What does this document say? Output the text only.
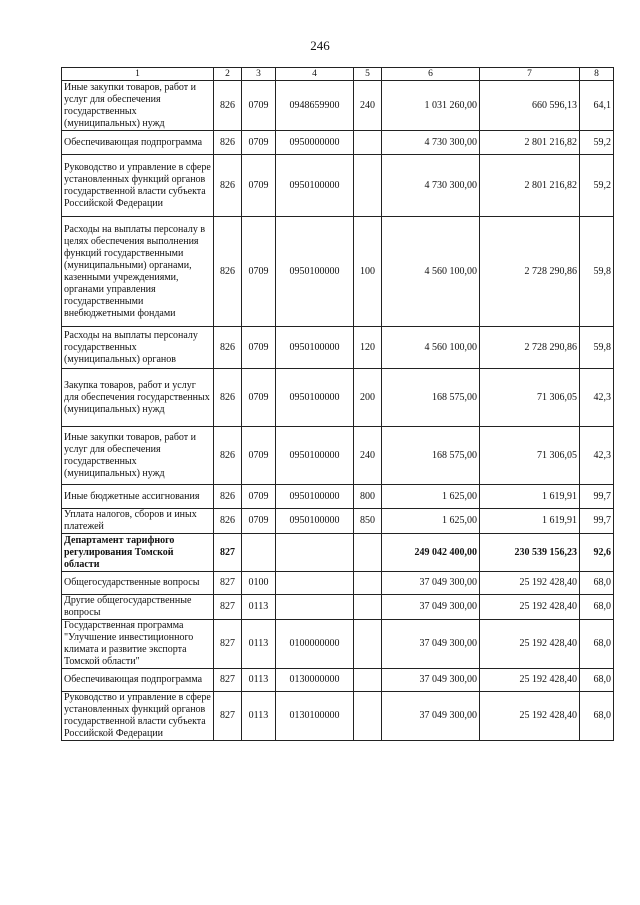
246
1	2	3	4	5	6	7	8
Иные закупки товаров, работ и услуг для обеспечения государственных (муниципальных) нужд	826	0709	0948659900	240	1 031 260,00	660 596,13	64,1
Обеспечивающая подпрограмма	826	0709	0950000000		4 730 300,00	2 801 216,82	59,2
Руководство и управление в сфере установленных функций органов государственной власти субъекта Российской Федерации	826	0709	0950100000		4 730 300,00	2 801 216,82	59,2
Расходы на выплаты персоналу в целях обеспечения выполнения функций государственными (муниципальными) органами, казенными учреждениями, органами управления государственными внебюджетными фондами	826	0709	0950100000	100	4 560 100,00	2 728 290,86	59,8
Расходы на выплаты персоналу государственных (муниципальных) органов	826	0709	0950100000	120	4 560 100,00	2 728 290,86	59,8
Закупка товаров, работ и услуг для обеспечения государственных (муниципальных) нужд	826	0709	0950100000	200	168 575,00	71 306,05	42,3
Иные закупки товаров, работ и услуг для обеспечения государственных (муниципальных) нужд	826	0709	0950100000	240	168 575,00	71 306,05	42,3
Иные бюджетные ассигнования	826	0709	0950100000	800	1 625,00	1 619,91	99,7
Уплата налогов, сборов и иных платежей	826	0709	0950100000	850	1 625,00	1 619,91	99,7
Департамент тарифного регулирования Томской области	827				249 042 400,00	230 539 156,23	92,6
Общегосударственные вопросы	827	0100			37 049 300,00	25 192 428,40	68,0
Другие общегосударственные вопросы	827	0113			37 049 300,00	25 192 428,40	68,0
Государственная программа "Улучшение инвестиционного климата и развитие экспорта Томской области"	827	0113	0100000000		37 049 300,00	25 192 428,40	68,0
Обеспечивающая подпрограмма	827	0113	0130000000		37 049 300,00	25 192 428,40	68,0
Руководство и управление в сфере установленных функций органов государственной власти субъекта Российской Федерации	827	0113	0130100000		37 049 300,00	25 192 428,40	68,0
